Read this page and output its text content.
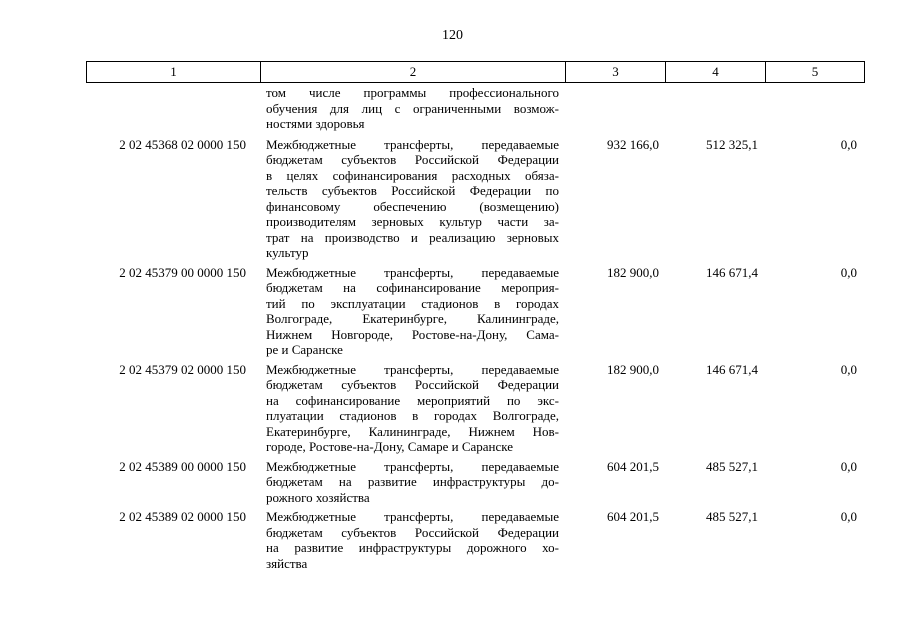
120
1	2	3	4	5
том числе программы профессионального
обучения для лиц с ограниченными возмож-
ностями здоровья
2 02 45368 02 0000 150	Межбюджетные трансферты, передаваемые
бюджетам субъектов Российской Федерации
в целях софинансирования расходных обяза-
тельств субъектов Российской Федерации по
финансовому обеспечению (возмещению)
производителям зерновых культур части за-
трат на производство и реализацию зерновых
культур
932 166,0	512 325,1	0,0
2 02 45379 00 0000 150	Межбюджетные трансферты, передаваемые
бюджетам на софинансирование мероприя-
тий по эксплуатации стадионов в городах
Волгограде, Екатеринбурге, Калининграде,
Нижнем Новгороде, Ростове-на-Дону, Сама-
ре и Саранске
182 900,0	146 671,4	0,0
2 02 45379 02 0000 150	Межбюджетные трансферты, передаваемые
бюджетам субъектов Российской Федерации
на софинансирование мероприятий по экс-
плуатации стадионов в городах Волгограде,
Екатеринбурге, Калининграде, Нижнем Нов-
городе, Ростове-на-Дону, Самаре и Саранске
182 900,0	146 671,4	0,0
2 02 45389 00 0000 150	Межбюджетные трансферты, передаваемые
бюджетам на развитие инфраструктуры до-
рожного хозяйства
604 201,5	485 527,1	0,0
2 02 45389 02 0000 150	Межбюджетные трансферты, передаваемые
бюджетам субъектов Российской Федерации
на развитие инфраструктуры дорожного хо-
зяйства
604 201,5	485 527,1	0,0
